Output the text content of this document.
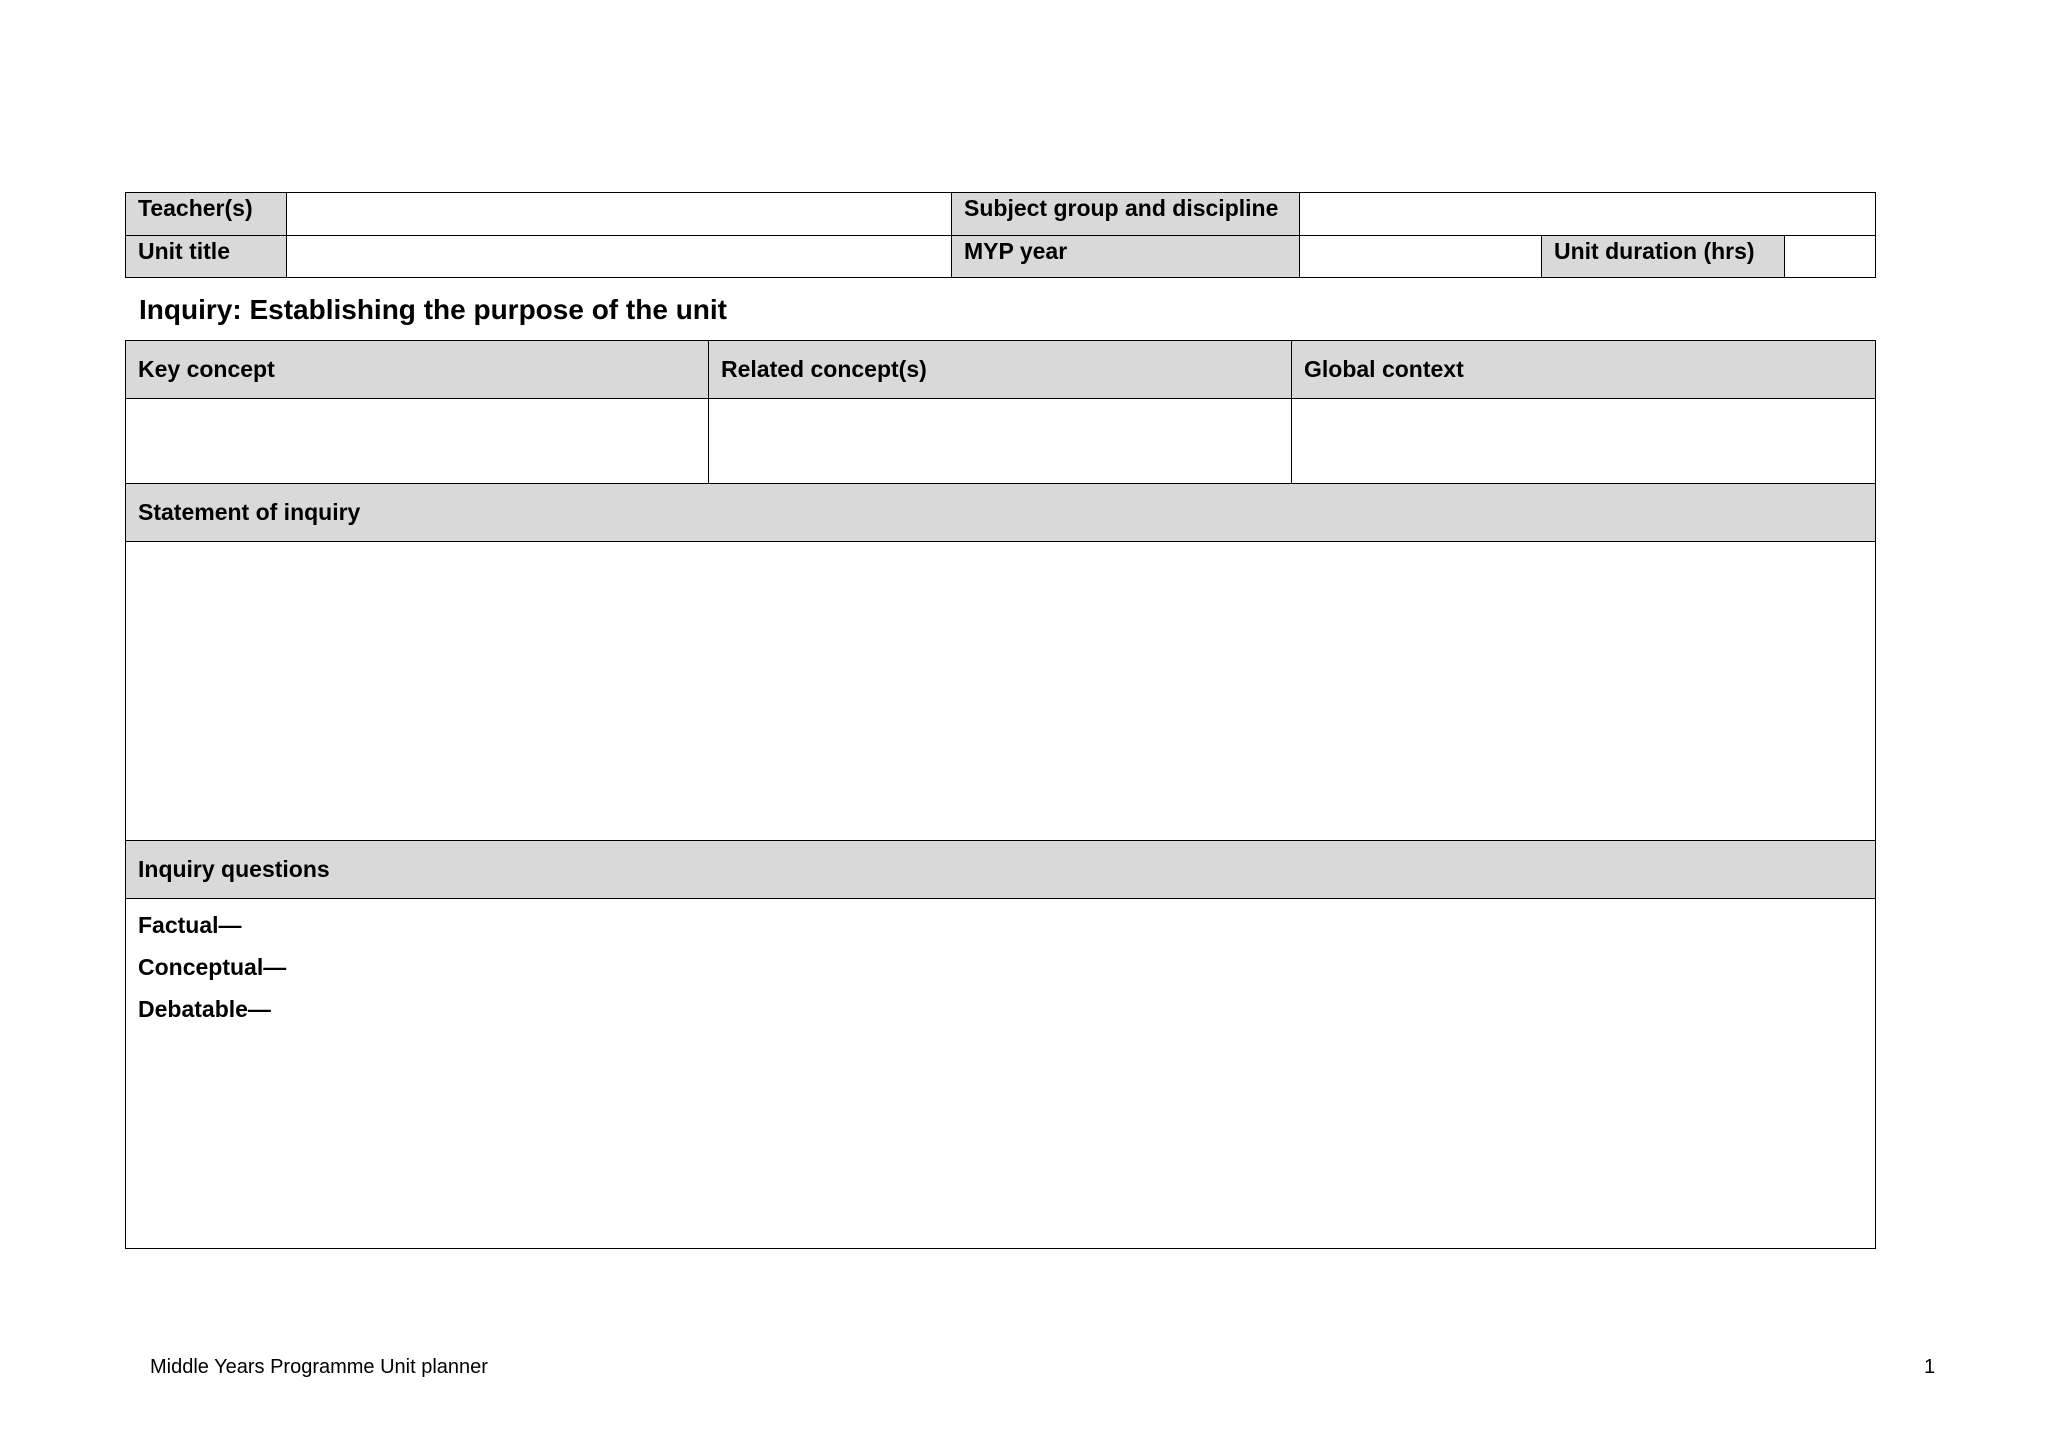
Teacher(s)		Subject group and discipline			
Unit title		MYP year		Unit duration (hrs)	
Inquiry: Establishing the purpose of the unit
Key concept	Related concept(s)	Global context

Statement of inquiry		

Inquiry questions		

Factual—
Conceptual—
Debatable—		
Middle Years Programme Unit planner	1
